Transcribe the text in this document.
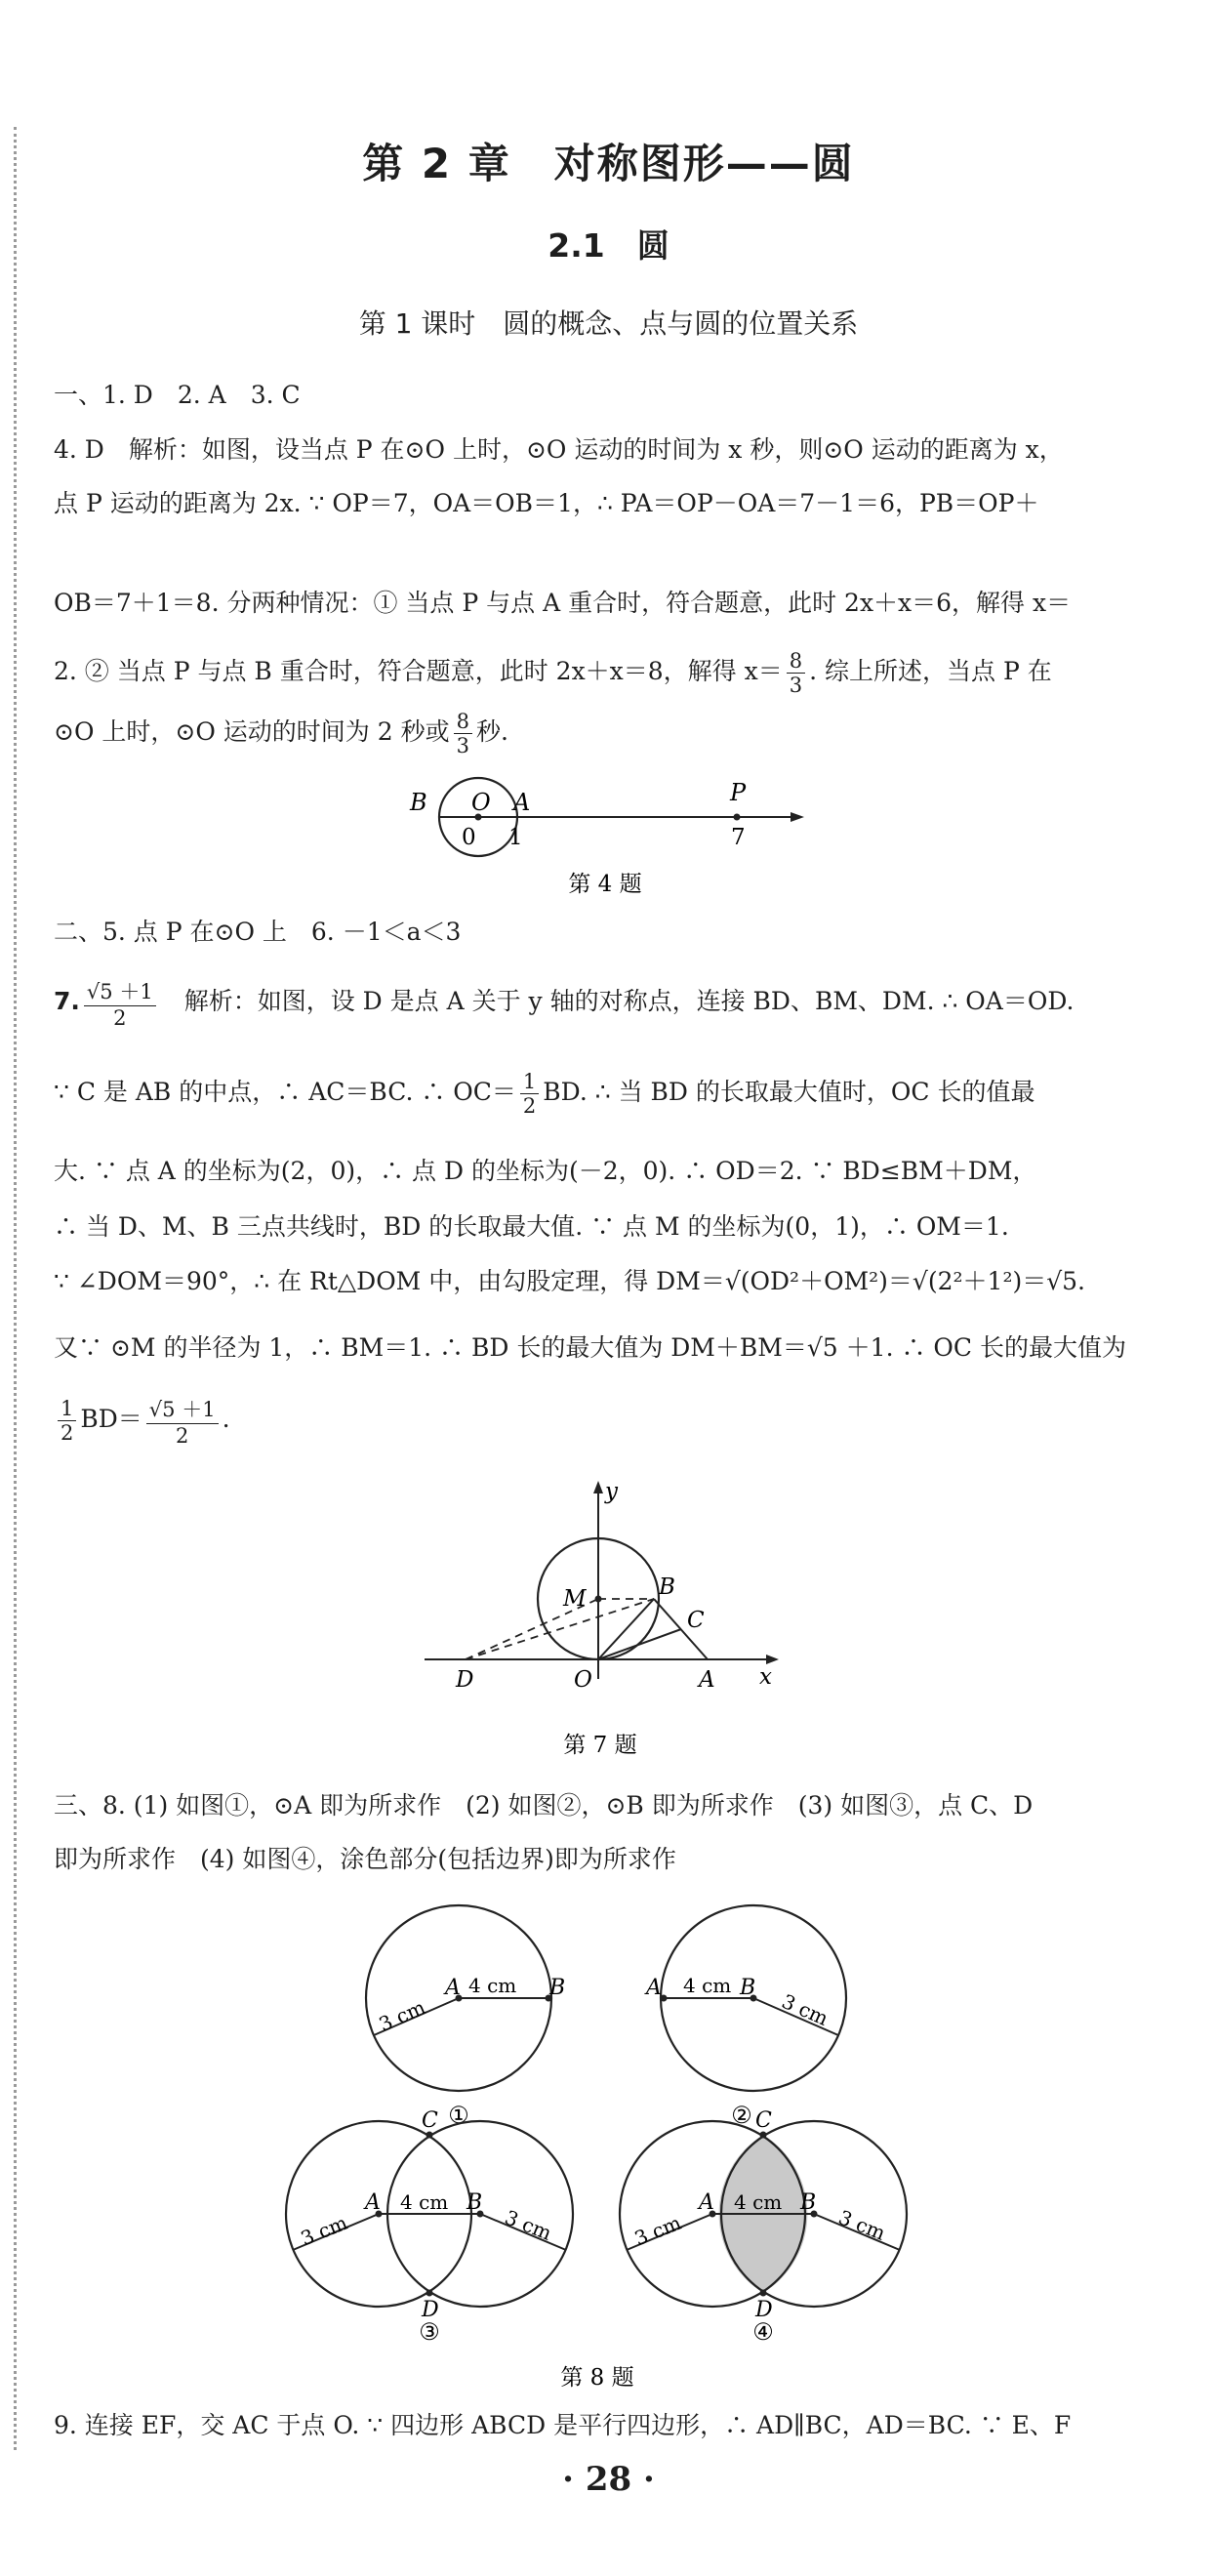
第 2 章　对称图形——圆
2.1　圆
第 1 课时　圆的概念、点与圆的位置关系
一、1. D　2. A　3. C
4. D　解析：如图，设当点 P 在⊙O 上时，⊙O 运动的时间为 x 秒，则⊙O 运动的距离为 x，
点 P 运动的距离为 2x. ∵ OP＝7，OA＝OB＝1，∴ PA＝OP－OA＝7－1＝6，PB＝OP＋
OB＝7＋1＝8. 分两种情况：① 当点 P 与点 A 重合时，符合题意，此时 2x＋x＝6，解得 x＝
2. ② 当点 P 与点 B 重合时，符合题意，此时 2x＋x＝8，解得 $x= \frac{8}{3}$ . 综上所述，当点 P 在
⊙O 上时，⊙O 运动的时间为 2 秒或 $\frac{8}{3}$ 秒.
B O A	P
0 1	7
第 4 题
二、5. 点 P 在⊙O 上　6. －1＜a＜3
7. $\frac{√5 +1}{2}$ 　解析：如图，设 D 是点 A 关于 y 轴的对称点，连接 BD、BM、DM. ∴ OA＝OD.
∵ C 是 AB 的中点，∴ AC＝BC. ∴ $OC= \frac{1}{2}$ BD. ∴ 当 BD 的长取最大值时，OC 长的值最
大. ∵ 点 A 的坐标为(2，0)，∴ 点 D 的坐标为(－2，0). ∴ OD＝2. ∵ BD≤BM＋DM，
∴ 当 D、M、B 三点共线时，BD 的长取最大值. ∵ 点 M 的坐标为(0，1)，∴ OM＝1.
∵ ∠DOM＝90°，∴ 在 Rt△DOM 中，由勾股定理，得 DM＝√(OD²＋OM²)＝√(2²＋1²)＝√5.
又∵ ⊙M 的半径为 1，∴ BM＝1. ∴ BD 长的最大值为 DM＋BM＝√5 ＋1. ∴ OC 长的最大值为
$\frac{1}{2} BD= \frac{√5 +1}{2}$ .
y
M	B
C
D	O	A x
第 7 题
三、8. (1) 如图①，⊙A 即为所求作　(2) 如图②，⊙B 即为所求作　(3) 如图③，点 C、D
即为所求作　(4) 如图④，涂色部分(包括边界)即为所求作
A	B
4 cm
3 cm
①
A	B
4 cm
3 cm
②
C
D
A	B
4 cm
3 cm	3 cm
③
C
D
A	B
4 cm
3 cm	3 cm
④
第 8 题
9. 连接 EF，交 AC 于点 O. ∵ 四边形 ABCD 是平行四边形，∴ AD∥BC，AD＝BC. ∵ E、F
· 28 ·
